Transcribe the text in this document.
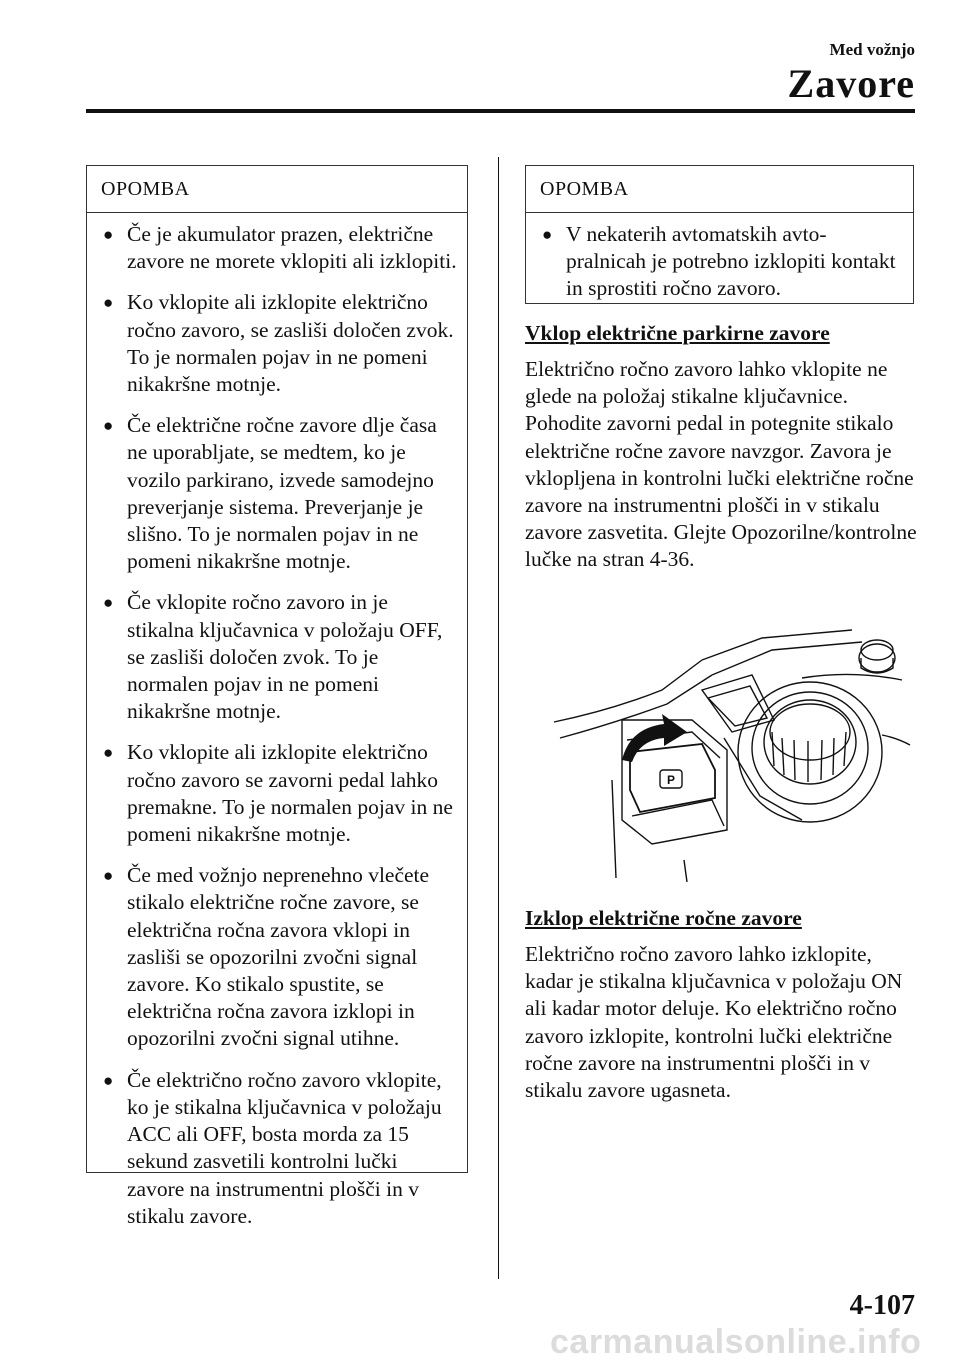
Med vožnjo
Zavore
OPOMBA
● Če je akumulator prazen, električne zavore ne morete vklopiti ali izklopiti.
● Ko vklopite ali izklopite električno ročno zavoro, se zasliši določen zvok. To je normalen pojav in ne pomeni nikakršne motnje.
● Če električne ročne zavore dlje časa ne uporabljate, se medtem, ko je vozilo parkirano, izvede samodejno preverjanje sistema. Preverjanje je slišno. To je normalen pojav in ne pomeni nikakršne motnje.
● Če vklopite ročno zavoro in je stikalna ključavnica v položaju OFF, se zasliši določen zvok. To je normalen pojav in ne pomeni nikakršne motnje.
● Ko vklopite ali izklopite električno ročno zavoro se zavorni pedal lahko premakne. To je normalen pojav in ne pomeni nikakršne motnje.
● Če med vožnjo neprenehno vlečete stikalo električne ročne zavore, se električna ročna zavora vklopi in zasliši se opozorilni zvočni signal zavore. Ko stikalo spustite, se električna ročna zavora izklopi in opozorilni zvočni signal utihne.
● Če električno ročno zavoro vklopite, ko je stikalna ključavnica v položaju ACC ali OFF, bosta morda za 15 sekund zasvetili kontrolni lučki zavore na instrumentni plošči in v stikalu zavore.
OPOMBA
● V nekaterih avtomatskih avto-pralnicah je potrebno izklopiti kontakt in sprostiti ročno zavoro.
Vklop električne parkirne zavore
Električno ročno zavoro lahko vklopite ne glede na položaj stikalne ključavnice. Pohodite zavorni pedal in potegnite stikalo električne ročne zavore navzgor. Zavora je vklopljena in kontrolni lučki električne ročne zavore na instrumentni plošči in v stikalu zavore zasvetita. Glejte Opozorilne/kontrolne lučke na stran 4-36.
P
Izklop električne ročne zavore
Električno ročno zavoro lahko izklopite, kadar je stikalna ključavnica v položaju ON ali kadar motor deluje. Ko električno ročno zavoro izklopite, kontrolni lučki električne ročne zavore na instrumentni plošči in v stikalu zavore ugasneta.
4-107
carmanualsonline.info
